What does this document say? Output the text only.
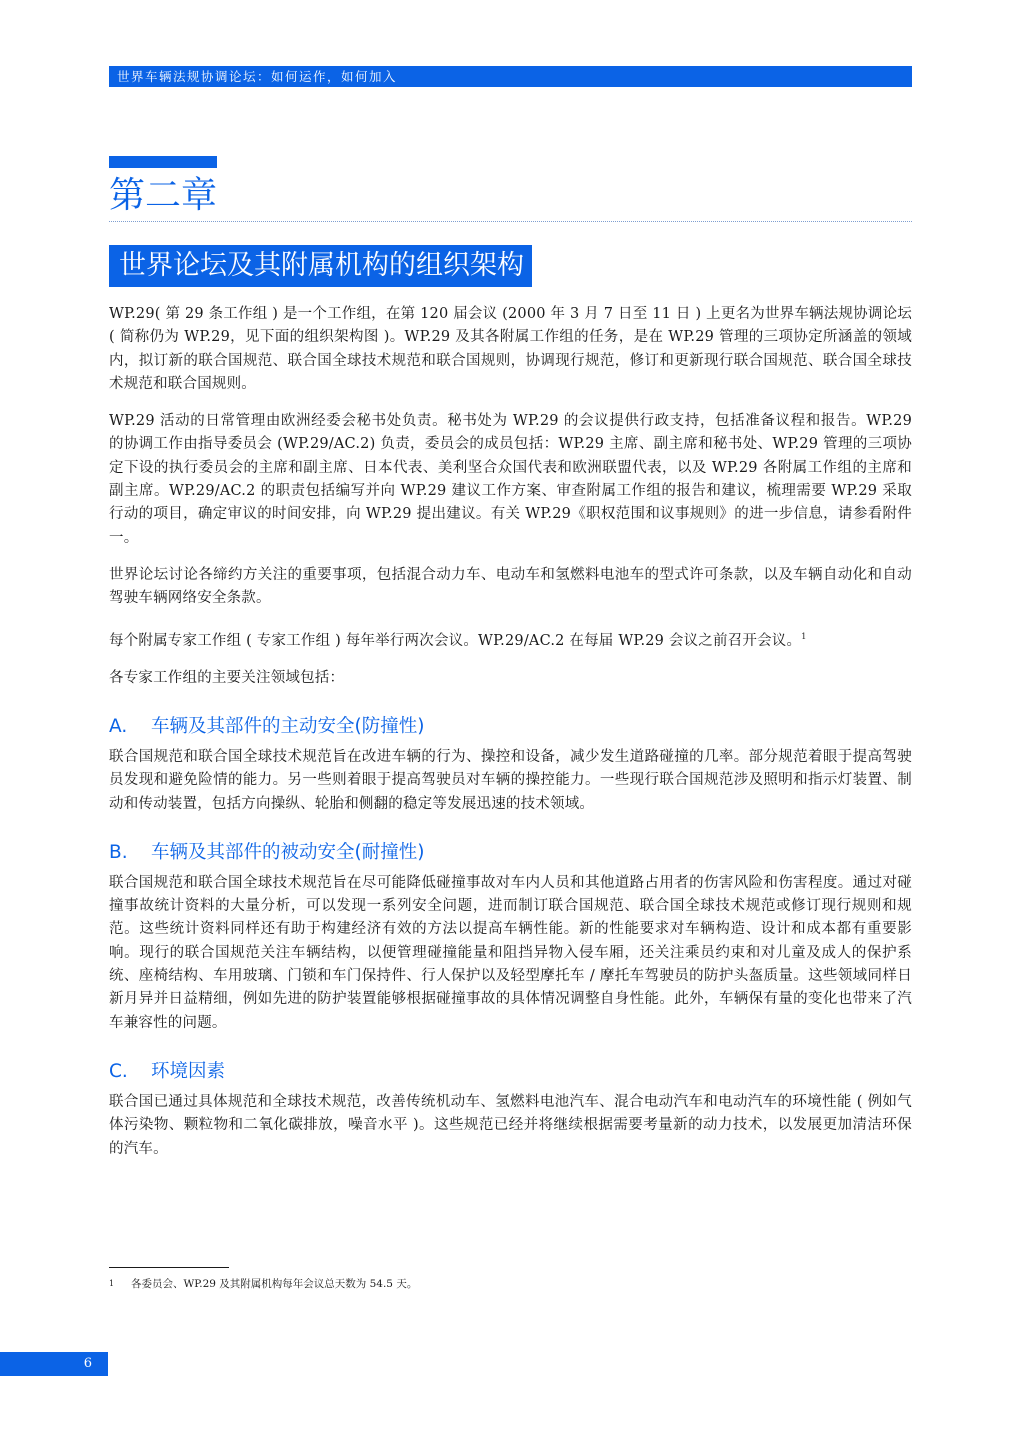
世界车辆法规协调论坛：如何运作，如何加入
第二章
世界论坛及其附属机构的组织架构

WP.29( 第 29 条工作组 ) 是一个工作组，在第 120 届会议 (2000 年 3 月 7 日至 11 日 ) 上更名为世界车辆法规协调论坛 ( 简称仍为 WP.29，见下面的组织架构图 )。WP.29 及其各附属工作组的任务，是在 WP.29 管理的三项协定所涵盖的领域内，拟订新的联合国规范、联合国全球技术规范和联合国规则，协调现行规范，修订和更新现行联合国规范、联合国全球技术规范和联合国规则。

WP.29 活动的日常管理由欧洲经委会秘书处负责。秘书处为 WP.29 的会议提供行政支持，包括准备议程和报告。WP.29 的协调工作由指导委员会 (WP.29/AC.2) 负责，委员会的成员包括：WP.29 主席、副主席和秘书处、WP.29 管理的三项协定下设的执行委员会的主席和副主席、日本代表、美利坚合众国代表和欧洲联盟代表，以及 WP.29 各附属工作组的主席和副主席。WP.29/AC.2 的职责包括编写并向 WP.29 建议工作方案、审查附属工作组的报告和建议，梳理需要 WP.29 采取行动的项目，确定审议的时间安排，向 WP.29 提出建议。有关 WP.29《职权范围和议事规则》的进一步信息，请参看附件一。

世界论坛讨论各缔约方关注的重要事项，包括混合动力车、电动车和氢燃料电池车的型式许可条款，以及车辆自动化和自动驾驶车辆网络安全条款。

每个附属专家工作组 ( 专家工作组 ) 每年举行两次会议。WP.29/AC.2 在每届 WP.29 会议之前召开会议。$^1$

各专家工作组的主要关注领域包括：

A. 车辆及其部件的主动安全(防撞性)

联合国规范和联合国全球技术规范旨在改进车辆的行为、操控和设备，减少发生道路碰撞的几率。部分规范着眼于提高驾驶员发现和避免险情的能力。另一些则着眼于提高驾驶员对车辆的操控能力。一些现行联合国规范涉及照明和指示灯装置、制动和传动装置，包括方向操纵、轮胎和侧翻的稳定等发展迅速的技术领域。

B. 车辆及其部件的被动安全(耐撞性)

联合国规范和联合国全球技术规范旨在尽可能降低碰撞事故对车内人员和其他道路占用者的伤害风险和伤害程度。通过对碰撞事故统计资料的大量分析，可以发现一系列安全问题，进而制订联合国规范、联合国全球技术规范或修订现行规则和规范。这些统计资料同样还有助于构建经济有效的方法以提高车辆性能。新的性能要求对车辆构造、设计和成本都有重要影响。现行的联合国规范关注车辆结构，以便管理碰撞能量和阻挡异物入侵车厢，还关注乘员约束和对儿童及成人的保护系统、座椅结构、车用玻璃、门锁和车门保持件、行人保护以及轻型摩托车 / 摩托车驾驶员的防护头盔质量。这些领域同样日新月异并日益精细，例如先进的防护装置能够根据碰撞事故的具体情况调整自身性能。此外，车辆保有量的变化也带来了汽车兼容性的问题。

C. 环境因素

联合国已通过具体规范和全球技术规范，改善传统机动车、氢燃料电池汽车、混合电动汽车和电动汽车的环境性能 ( 例如气体污染物、颗粒物和二氧化碳排放，噪音水平 )。这些规范已经并将继续根据需要考量新的动力技术，以发展更加清洁环保的汽车。

1 各委员会、WP.29 及其附属机构每年会议总天数为 54.5 天。
6
